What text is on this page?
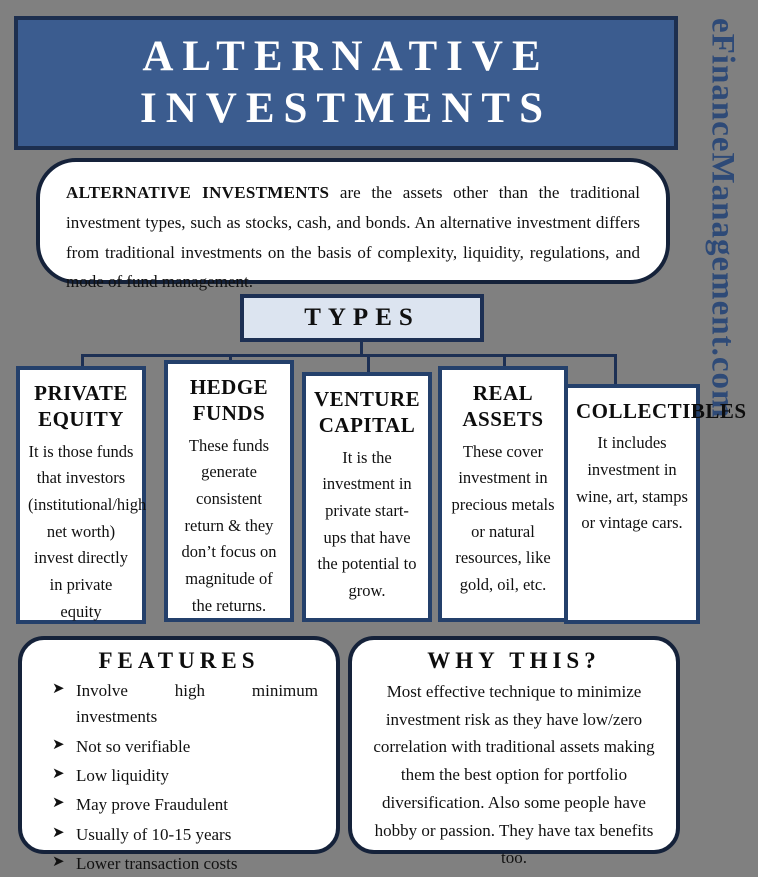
ALTERNATIVE
INVESTMENTS	eFinanceManagement.com

ALTERNATIVE INVESTMENTS are the assets other than the traditional investment types, such as stocks, cash, and bonds. An alternative investment differs from traditional investments on the basis of complexity, liquidity, regulations, and mode of fund management.

TYPES
PRIVATE EQUITY

It is those funds that investors (institutional/high net worth) invest directly in private equity

HEDGE FUNDS

These funds generate consistent return & they don’t focus on magnitude of the returns.

VENTURE CAPITAL

It is the investment in private start-ups that have the potential to grow.

REAL ASSETS

These cover investment in precious metals or natural resources, like gold, oil, etc.

COLLECTIBLES

It includes investment in wine, art, stamps or vintage cars.

FEATURES
➤ Involve high minimum investments
➤ Not so verifiable
➤ Low liquidity
➤ May prove Fraudulent
➤ Usually of 10-15 years
➤ Lower transaction costs
WHY THIS?

Most effective technique to minimize investment risk as they have low/zero correlation with traditional assets making them the best option for portfolio diversification. Also some people have hobby or passion. They have tax benefits too.
